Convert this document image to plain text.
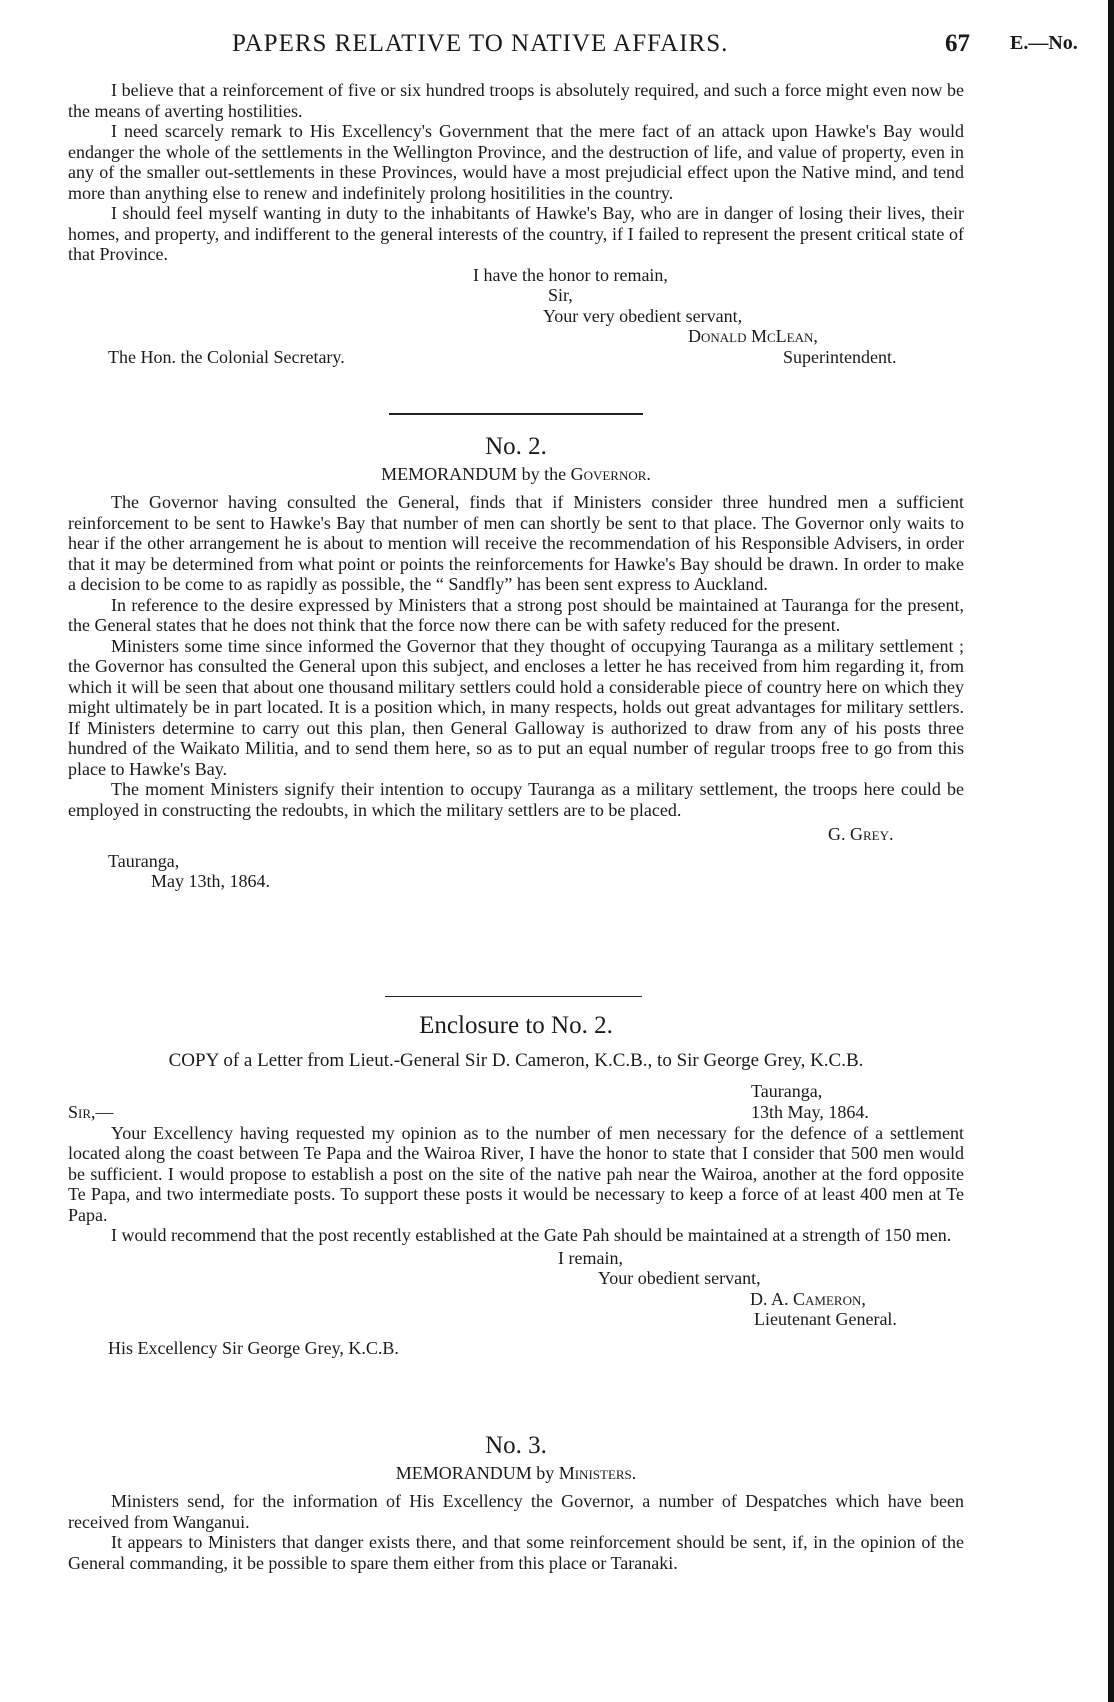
PAPERS RELATIVE TO NATIVE AFFAIRS.	67 E.—No.

I believe that a reinforcement of five or six hundred troops is absolutely required, and such a force might even now be the means of averting hostilities.

I need scarcely remark to His Excellency's Government that the mere fact of an attack upon Hawke's Bay would endanger the whole of the settlements in the Wellington Province, and the destruction of life, and value of property, even in any of the smaller out-settlements in these Provinces, would have a most prejudicial effect upon the Native mind, and tend more than anything else to renew and indefinitely prolong hositilities in the country.

I should feel myself wanting in duty to the inhabitants of Hawke's Bay, who are in danger of losing their lives, their homes, and property, and indifferent to the general interests of the country, if I failed to represent the present critical state of that Province.

I have the honor to remain,

Sir,

Your very obedient servant,

Donald McLean,

The Hon. the Colonial Secretary.	Superintendent.

No. 2.

MEMORANDUM by the Governor.

The Governor having consulted the General, finds that if Ministers consider three hundred men a sufficient reinforcement to be sent to Hawke's Bay that number of men can shortly be sent to that place. The Governor only waits to hear if the other arrangement he is about to mention will receive the recommendation of his Responsible Advisers, in order that it may be determined from what point or points the reinforcements for Hawke's Bay should be drawn. In order to make a decision to be come to as rapidly as possible, the “ Sandfly” has been sent express to Auckland.

In reference to the desire expressed by Ministers that a strong post should be maintained at Tauranga for the present, the General states that he does not think that the force now there can be with safety reduced for the present.

Ministers some time since informed the Governor that they thought of occupying Tauranga as a military settlement ; the Governor has consulted the General upon this subject, and encloses a letter he has received from him regarding it, from which it will be seen that about one thousand military settlers could hold a considerable piece of country here on which they might ultimately be in part located. It is a position which, in many respects, holds out great advantages for military settlers. If Ministers determine to carry out this plan, then General Galloway is authorized to draw from any of his posts three hundred of the Waikato Militia, and to send them here, so as to put an equal number of regular troops free to go from this place to Hawke's Bay.

The moment Ministers signify their intention to occupy Tauranga as a military settlement, the troops here could be employed in constructing the redoubts, in which the military settlers are to be placed.

G. Grey.

Tauranga,

May 13th, 1864.

Enclosure to No. 2.

COPY of a Letter from Lieut.-General Sir D. Cameron, K.C.B., to Sir George Grey, K.C.B.

Tauranga,

Sir,—	13th May, 1864.

Your Excellency having requested my opinion as to the number of men necessary for the defence of a settlement located along the coast between Te Papa and the Wairoa River, I have the honor to state that I consider that 500 men would be sufficient. I would propose to establish a post on the site of the native pah near the Wairoa, another at the ford opposite Te Papa, and two intermediate posts. To support these posts it would be necessary to keep a force of at least 400 men at Te Papa.

I would recommend that the post recently established at the Gate Pah should be maintained at a strength of 150 men.

I remain,

Your obedient servant,

D. A. Cameron,

Lieutenant General.

His Excellency Sir George Grey, K.C.B.

No. 3.

MEMORANDUM by Ministers.

Ministers send, for the information of His Excellency the Governor, a number of Despatches which have been received from Wanganui.

It appears to Ministers that danger exists there, and that some reinforcement should be sent, if, in the opinion of the General commanding, it be possible to spare them either from this place or Taranaki.
